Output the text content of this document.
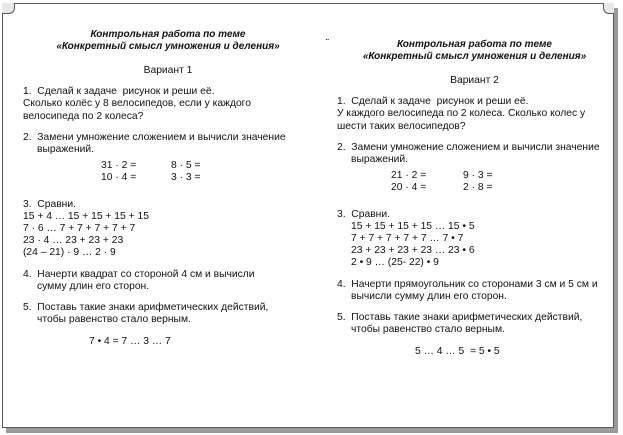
..
Контрольная работа по теме
«Конкретный смысл умножения и деления»
Вариант 1
1.  Сделай к задаче  рисунок и реши её.
Сколько колёс у 8 велосипедов, если у каждого
велосипеда по 2 колеса?
2.  Замени умножение сложением и вычисли значение
выражений.
31 · 2 =	8 · 5 =
10 · 4 =	3 · 3 =
3.  Сравни.
15 + 4 … 15 + 15 + 15 + 15
7 · 6 … 7 + 7 + 7 + 7 + 7
23 · 4 … 23 + 23 + 23
(24 – 21) · 9 … 2 · 9
4.  Начерти квадрат со стороной 4 см и вычисли
сумму длин его сторон.
5.  Поставь такие знаки арифметических действий,
чтобы равенство стало верным.
7 • 4 = 7 … 3 … 7
Контрольная работа по теме
«Конкретный смысл умножения и деления»
Вариант 2
1.  Сделай к задаче  рисунок и реши её.
У каждого велосипеда по 2 колеса. Сколько колес у
шести таких велосипедов?
2.  Замени умножение сложением и вычисли значение
выражений.
21 · 2 =	9 · 3 =
20 · 4 =	2 · 8 =
3.  Сравни.
15 + 15 + 15 + 15 … 15 • 5
7 + 7 + 7 + 7 + 7 … 7 • 7
23 + 23 + 23 + 23 … 23 • 6
2 • 9 … (25- 22) • 9
4.  Начерти прямоугольник со сторонами 3 см и 5 см и
вычисли сумму длин его сторон.
5.  Поставь такие знаки арифметических действий,
чтобы равенство стало верным.
5 … 4 … 5  = 5 • 5
